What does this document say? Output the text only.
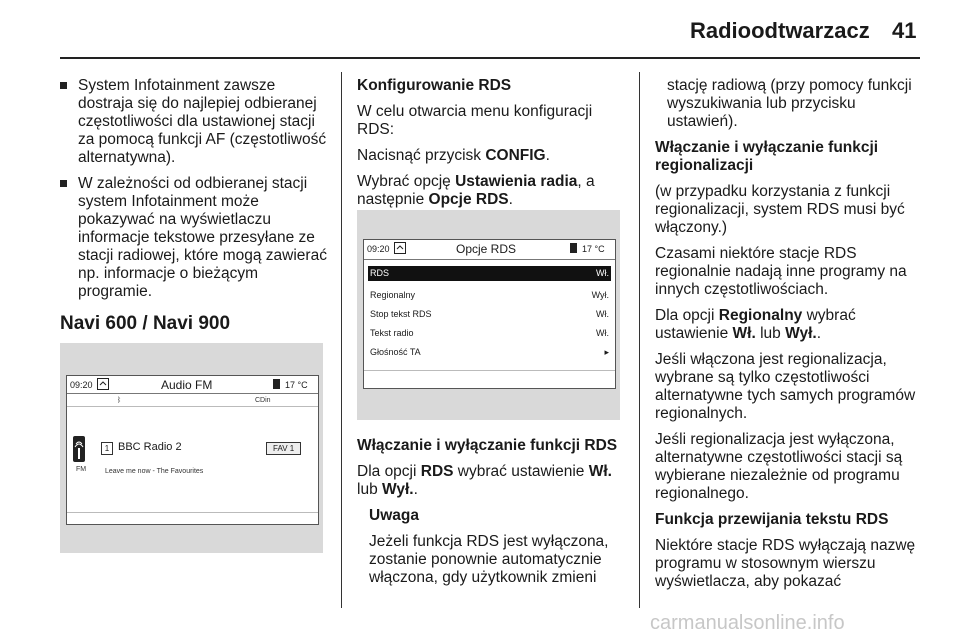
Radioodtwarzacz 41
System Infotainment zawsze dostraja się do najlepiej odbieranej częstotliwości dla ustawionej stacji za pomocą funkcji AF (częstotliwość alternatywna).
W zależności od odbieranej stacji system Infotainment może pokazywać na wyświetlaczu informacje tekstowe przesyłane ze stacji radiowej, które mogą zawierać np. informacje o bieżącym programie.
Navi 600 / Navi 900
09:20	Audio FM	17 °C
ᛒ	CDin
FM
1 BBC Radio 2	FAV 1
Leave me now - The Favourites

Konfigurowanie RDS

W celu otwarcia menu konfiguracji RDS:

Nacisnąć przycisk CONFIG.

Wybrać opcję Ustawienia radia, a następnie Opcje RDS.

09:20	Opcje RDS	17 °C
RDS	Wł.
Regionalny	Wył.
Stop tekst RDS	Wł.
Tekst radio	Wł.
Głośność TA	▸

Włączanie i wyłączanie funkcji RDS

Dla opcji RDS wybrać ustawienie Wł. lub Wył..

Uwaga

Jeżeli funkcja RDS jest wyłączona, zostanie ponownie automatycznie włączona, gdy użytkownik zmieni

stację radiową (przy pomocy funkcji wyszukiwania lub przycisku ustawień).

Włączanie i wyłączanie funkcji regionalizacji

(w przypadku korzystania z funkcji regionalizacji, system RDS musi być włączony.)

Czasami niektóre stacje RDS regionalnie nadają inne programy na innych częstotliwościach.

Dla opcji Regionalny wybrać ustawienie Wł. lub Wył..

Jeśli włączona jest regionalizacja, wybrane są tylko częstotliwości alternatywne tych samych programów regionalnych.

Jeśli regionalizacja jest wyłączona, alternatywne częstotliwości stacji są wybierane niezależnie od programu regionalnego.

Funkcja przewijania tekstu RDS

Niektóre stacje RDS wyłączają nazwę programu w stosownym wierszu wyświetlacza, aby pokazać

carmanualsonline.info
